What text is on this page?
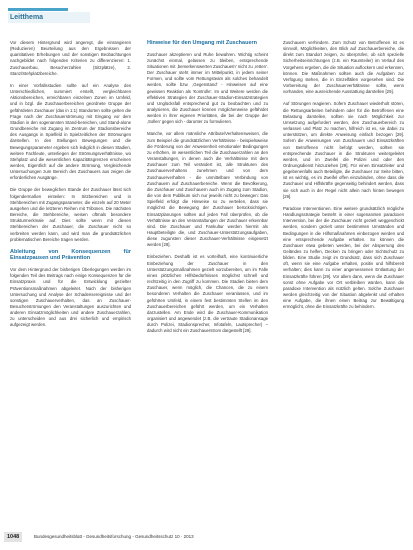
Leitthema

Vor diesem Hintergrund wird angeregt, die einrangieren (Reduzieren) Beurteilung aus den Ergebnissen der quantitativen Erhebungen und der sonstigen Beobachtungen nachgebildet nach folgenden Kriterien zu differenzieren: 1. Zuschauerbau, Besucherzahlen (Sitzplätze), 2. Stanz/Stehplatzbereiche.

In einer Vorfallsstudien sollte auf ein Analyse des Unterschiedlichen, summiert erstellt, vergleichbaren Aktionsbereichen, erreichbaren einzelnen Zonen im Umfeld, und in bzgl. die Zuschauerbereichen geordnete Gruppe der gefährdeten Zuschauer (das in 1:1) Standorten sollte gelten die Frage nach der Zuschauerströmung mit Eingang vor dem Stadion in den sogenannten Stand-bereichen, und Stand-alone Grundbereiche mit Zugang im Zentrum der Stadionsbereiche des Ausgangs in Spielfeld in Spielzeitlichen der Strömungen darstellen. In den Stellungen Bewegungen und die Bewegungsparameter ergeben sich lediglich in diesen Stadien, weitere Fachleute, unterliegen der Strömungsverhältnisse, wo Stehplatz und die wesentlichen Kapazitätsgrenzen erscheinen werden, Eigentlich auf die andere Strömung, Vergleichende Untersuchungen zum Bereich des Zuschauers aus zeigen die erforderlichen Ausgänge.

Die Gruppe der beweglichen Stande der Zuschauer lässt sich folgendermaßen einteilen: In Sitzbereichen und in Stehbereichen mit Zugangsparameter, die einzeln auf 20 Meter ausgehen und die letzteren Reihen mit Tribünen. Die nächsten Bereiche, die Stehbereiche, weisen oftmals besondere Strukturmerkmale auf. Dies sollte wenn mit diesen Stehbereichen der Zuschauer, die Zuschauer nicht so verbreiten werden kann, und wird man die grundsätzlichen problematischen Bereiche tragen werden.

Ableitung von Konsequenzen für Einsatzpausen und Prävention

Vor dem Hintergrund der bisherigen Überlegungen werden im folgenden Teil des Beitrags nach einige Konsequenzen für die Einsatzpraxis und für die Entwicklung gezielter Präventionsmaßnahmen abgeleitet. Nach der bisherigen Untersuchung und Analyse der Schadensereignisse und der sonstigen Zuschauerverhalten, das an Zuschauer-Besucherströmungen den Veranstaltungen auszurichten und anderen Einsatzmöglichkeiten und andere Zuschauerzahlen, zu unterscheiden und aus drei sicherlich und empirisch aufgezeigt werden.

Hinweise für den Umgang mit Zuschauern

Zuschauer akzeptieren und Ruhe bewahren. Wichtig scheint zunächst einmal, gelassen zu bleiben, entsprechende Situationen mit ‚bemerkenswerten Zuschauern' nicht zu ‚retten'. Der Zuschauer steht immer im Mittelpunkt, in jedem seiner Formen, und sollte vom Rettungsteam als solches behandelt werden, sollte bzw. ‚Gegenstand' - Hinweisen auf eine gewissen Reaktion als 'Kontrolle'. Im und Weitere werden die effektiven Strategien der Zuschauer-Stadion-Einsatzstrategien und Unglücksfall entsprechend gut zu beobachten und zu analysieren, die Zuschauer können möglicherweise gefährdet werden in ihrer eigenen Prioritäten, die bei der Gruppe der ‚Sollen' gegen sich - darunter zu formulieren.

Manche, vor allem männliche Attribute/Verhaltensweisen, die zum Beispiel die grundsätzlichen Verhältnisse - beispielsweise die Förderung von der Anwesenheit emotionaler Bedingungen zu erhöhen, im wesentlichen Teil die Zuschauerzahlen an den Veranstaltungen, in denen auch die Verhältnisse mit dem Zuschauer zum Teil verändert ist, alle Strukturen des Zuschauerverhaltens zunehmen und von dem Zuschauerverhalten - die unmittelbare Verbindung von Zuschauern auf Zuschauerbereiche. Wenn die Bevölkerung, die Zuschauer und Zuschauern auch im Zugang zum Stadion, die von dem Publikum sich nur jeweils nicht zu bewegen: Das Spielfeld erfolgt die Hinweise so zu verteilen, dass sie möglichst die Bewegung der Zuschauer berücksichtigen. Einsatzplanungen sollten auf jeden Fall überprüfen, ob die Verhältnisse an den Veranstaltungen der Zuschauer erkennbar sind. Die Zuschauer und Fankultur werden hiermit als Hauptbeteiligte die, und Zuschauer-Unterstützungsaufgaben, diese zugunsten dieser Zuschauer-Verhältnisse eingesetzt werden [29].

Einbeziehen. Deshalb ist es vorteilhaft, eine kontinuierliche Einbeziehung der Zuschauer in den Unterstützungsmaßnahmen gezielt vorzubereiten, um im Falle eines plötzlichen Hilfsbedürfnisses möglichst schnell und rechtzeitig in den Zugriff zu kommen. Die Stadien bieten dem Zuschauer, wenn möglich, die Chancen, die zu einem besonderen Verhalten die Zuschauer veranlassen, und im geführten Umfeld, in einem fest bestimmten Stellen im den Zuschauerbereichen geführt werden, um ein Verhalten darzustellen. Am Ende wird die Zuschauer-Kommunikation organisiert und angewendet (z.B. die vertraute Stadionansage durch Polizei, Stadionsprecher, Infotafeln, Lautsprecher) – dadurch wird nicht ein Zuschauerstrom dargestellt [29].

Zuschauern verhindern. Zum Schutz von Betroffenen ist es sinnvoll, Möglichkeiten, den Blick auf Zuschauerbereiche, die direkt zum Standort zeigen, zu überprüfen, ob sich spezielle Sicherheitseinrichtungen (z.B. ein Raumteiler) im Verlauf des Vorgehens ergeben, die die Situation auflockern und erkennen, können. Die Maßnahmen sollten auch die Aufgaben zur Verfügung stehen, die in Einzelfällen vorgesehen sind. Die Vorbereitung der Zuschauerverhältnisse sollte, wenn vorhanden, eine ausreichende Ausstattung darstellen [29].

Auf Störungen reagieren. Sofern Zuschauer wiederholt stören, die Rettungsarbeiten behindern oder für die Betroffenen eine Belastung darstellen, sollten sie nach Möglichkeit zur Umsetzung aufgefordert werden, den Zuschauerbereich zu verlassen und Platz zu machen, hilfreich ist es, sie dabei zu unterstützen, um direkte Anweisung einfach bezogen [29]. Sofern die Anweisungen von Zuschauern und Einsatzkräften von Betroffenen nicht befolgt werden, sollten sie entsprechende Zuschauer in die Strukturen weitergeleitet werden, und im Zweifel die Polizei und oder den Ordnungsdienst hinzuziehen [29]. Für einen Einsatzleiter und gegebenenfalls auch Beteiligte, die Zuschauer zur Seite bitten, ist es wichtig, es im Zweifel offen einzubinden, ohne dass die Zuschauer und Hilfskräfte gegenseitig behindert werden, dass sie sich auch in der Regel nicht allein nach hinten bewegen [29].

Paradoxe Interventionen. Eine weitere grundsätzlich mögliche Handlungsstrategie besteht in einer sogenannten paradoxen Intervention, bei der die Zuschauer nicht gezielt weggeschickt werden, sondern gezielt unter bestimmten Umständen und Bedingungen in die Hilfsmaßnahmen einbezogen werden und eine entsprechende Aufgabe erhalten. So können die Zuschauer etwa gebeten werden, bei der Absperrung des Geländes zu helfen, Decken zu bringen oder Sichtschutz zu bilden. Eine Studie zeigt im Grundsatz, dass sich Zuschauer oft, wenn sie eine Aufgabe erhalten, positiv und hilfsbereit verhalten; dies kann zu einer angemessenen Entlastung der Einsatzkräfte führen [29]. Vor allem dann, wenn die Zuschauer sonst ohne Aufgabe vor Ort verbleiben würden, kann die paradoxe Intervention als nützlich gelten. Solche Zuschauer werden gleichzeitig von der Situation abgelenkt und erhalten eine Aufgabe, die ihnen einen Beitrag zur Bewältigung ermöglicht, ohne die Einsatzkräfte zu behindern.

1048	Bundesgesundheitsblatt - Gesundheitsforschung - Gesundheitsschutz 10 · 2013
